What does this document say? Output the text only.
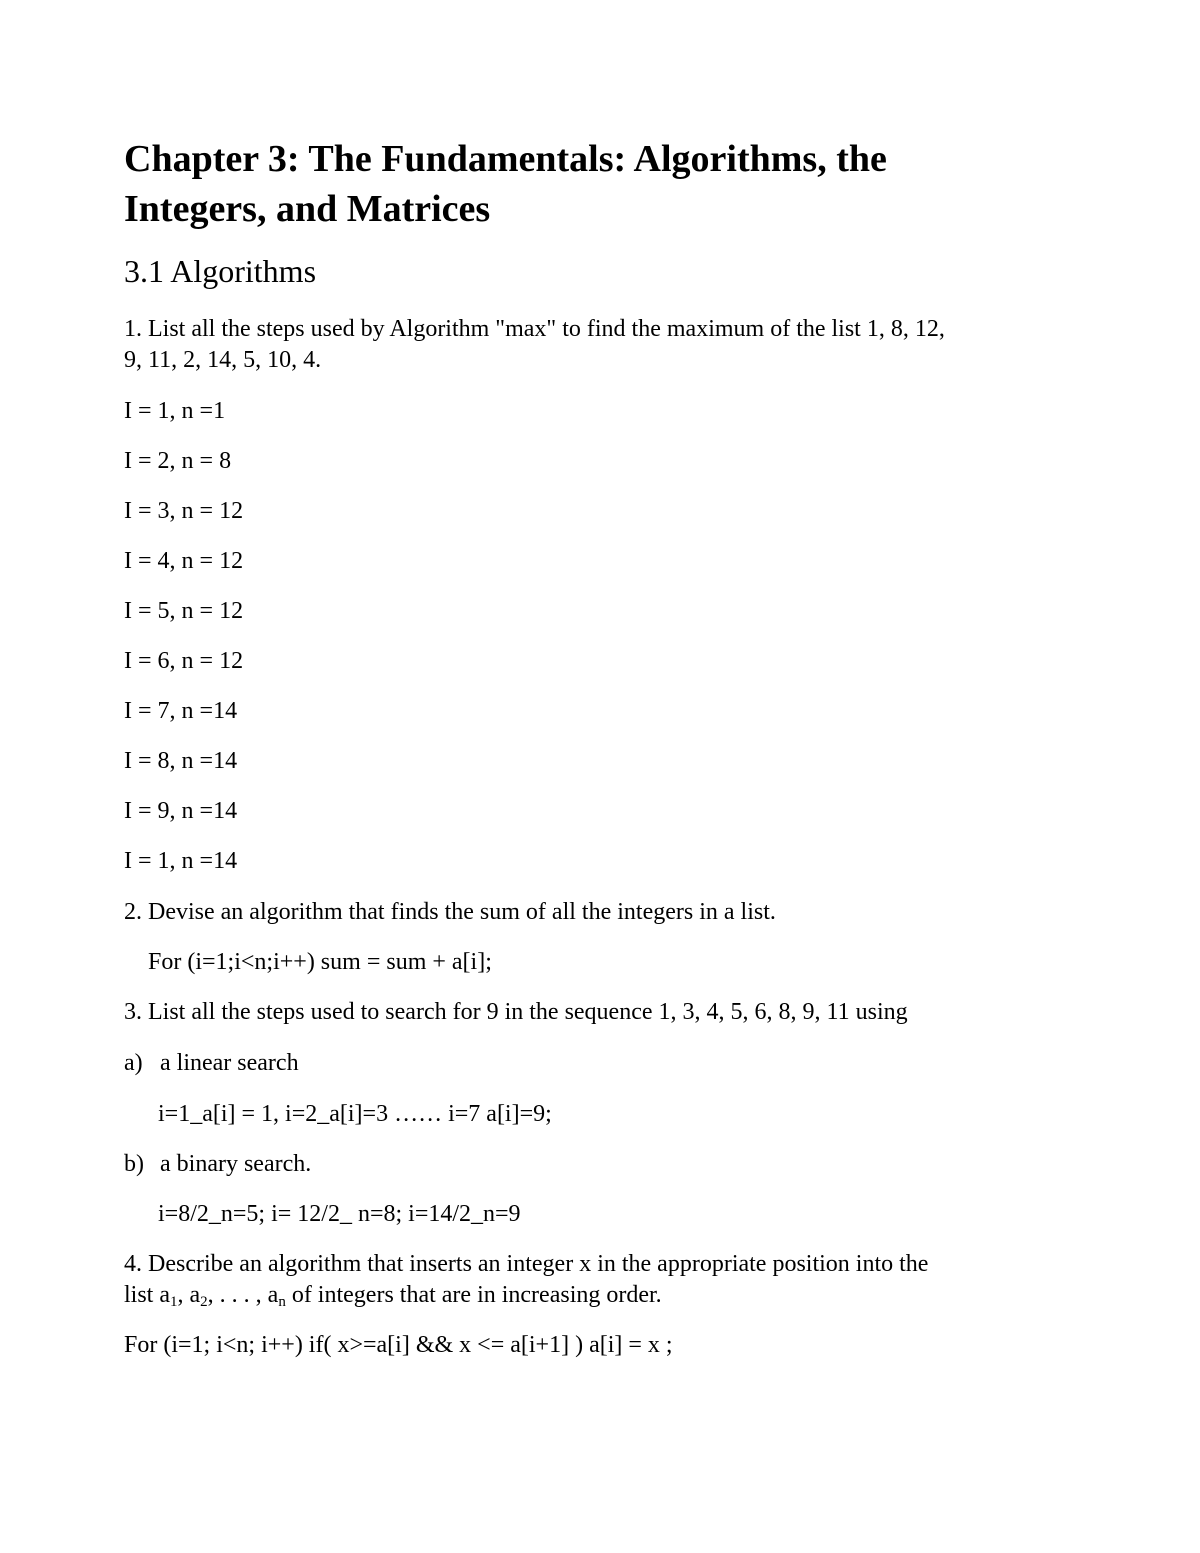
Chapter 3: The Fundamentals: Algorithms, the
Integers, and Matrices
3.1 Algorithms
1. List all the steps used by Algorithm "max" to find the maximum of the list 1, 8, 12,
9, 11, 2, 14, 5, 10, 4.
I = 1, n =1
I = 2, n = 8
I = 3, n = 12
I = 4, n = 12
I = 5, n = 12
I = 6, n = 12
I = 7, n =14
I = 8, n =14
I = 9, n =14
I = 1, n =14
2. Devise an algorithm that finds the sum of all the integers in a list.
For (i=1;i<n;i++) sum = sum + a[i];
3. List all the steps used to search for 9 in the sequence 1, 3, 4, 5, 6, 8, 9, 11 using
a) a linear search
i=1_a[i] = 1, i=2_a[i]=3 …… i=7 a[i]=9;
b) a binary search.
i=8/2_n=5; i= 12/2_ n=8; i=14/2_n=9
4. Describe an algorithm that inserts an integer x in the appropriate position into the
list $a_1$, $a_2$, . . . , $a_n$ of integers that are in increasing order.
For (i=1; i<n; i++) if( x>=a[i] && x <= a[i+1] ) a[i] = x ;
